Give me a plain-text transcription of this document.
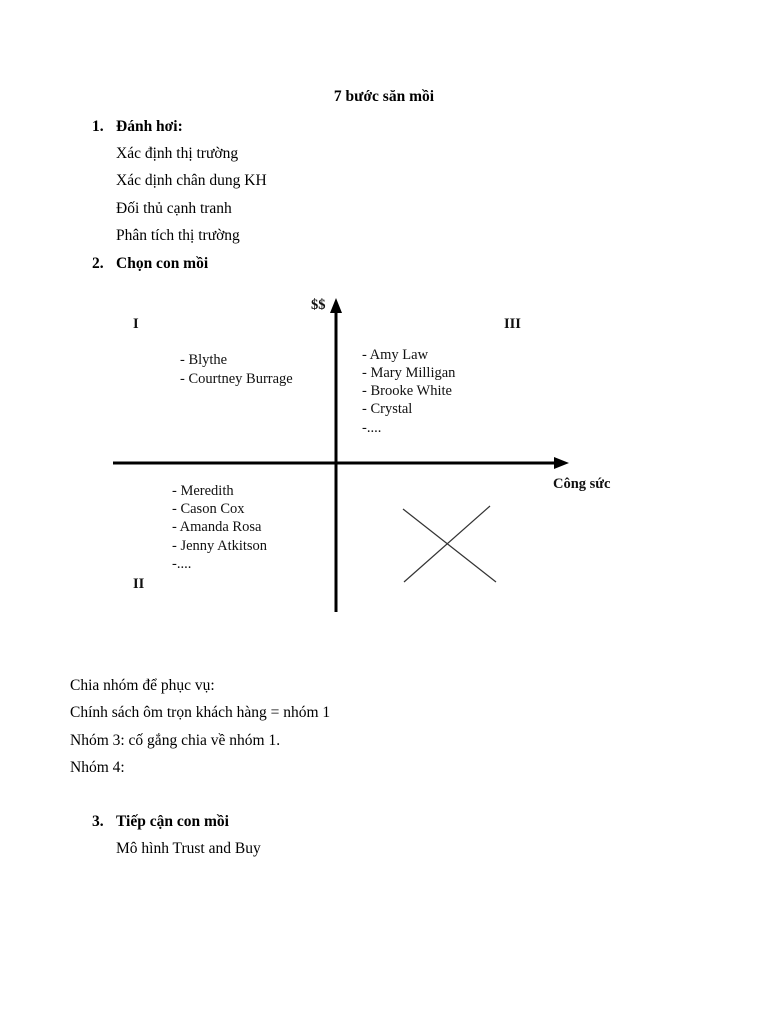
7 bước săn mồi
1. Đánh hơi:
Xác định thị trường
Xác dịnh chân dung KH
Đối thủ cạnh tranh
Phân tích thị trường
2. Chọn con mồi
$$
Công sức
I
II
III
- Blythe
- Courtney Burrage
- Amy Law
- Mary Milligan
- Brooke White
- Crystal
-....
- Meredith
- Cason Cox
- Amanda Rosa
- Jenny Atkitson
-....
Chia nhóm để phục vụ:
Chính sách ôm trọn khách hàng = nhóm 1
Nhóm 3: cố gắng chia về nhóm 1.
Nhóm 4:
3. Tiếp cận con mồi
Mô hình Trust and Buy
